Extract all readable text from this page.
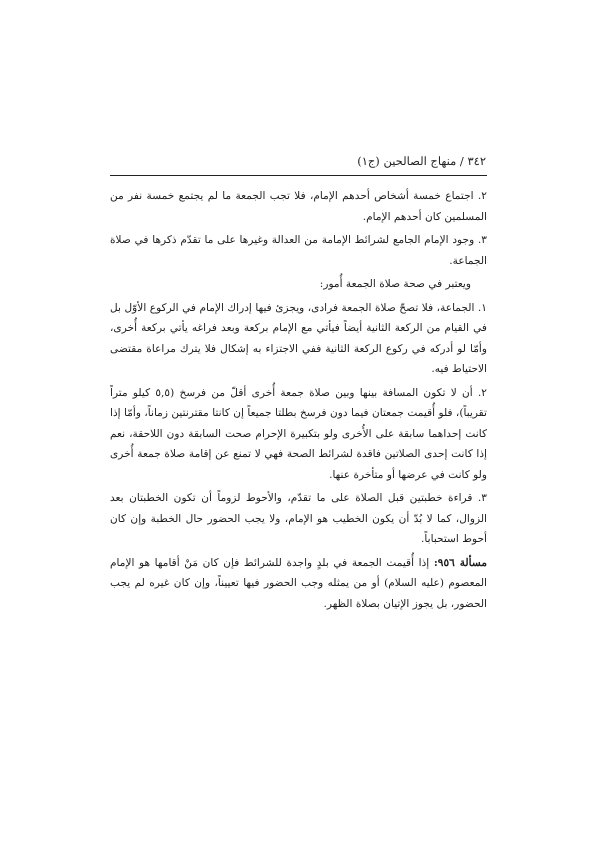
٣٤٢ / منهاج الصالحين (ج١)

٢. اجتماع خمسة أشخاص أحدهم الإمام، فلا تجب الجمعة ما لم يجتمع خمسة نفر من المسلمين كان أحدهم الإمام.

٣. وجود الإمام الجامع لشرائط الإمامة من العدالة وغيرها على ما تقدّم ذكرها في صلاة الجماعة.

ويعتبر في صحة صلاة الجمعة أُمور:

١. الجماعة، فلا تصحّ صلاة الجمعة فرادى، ويجزئ فيها إدراك الإمام في الركوع الأوّل بل في القيام من الركعة الثانية أيضاً فيأتي مع الإمام بركعة وبعد فراغه يأتي بركعة أُخرى، وأمّا لو أدركه في ركوع الركعة الثانية ففي الاجتزاء به إشكال فلا يترك مراعاة مقتضى الاحتياط فيه.

٢. أن لا تكون المسافة بينها وبين صلاة جمعة أُخرى أقلّ من فرسخ (٥,٥ كيلو متراً تقريباً)، فلو أُقيمت جمعتان فيما دون فرسخ بطلتا جميعاً إن كانتا مقترنتين زماناً، وأمّا إذا كانت إحداهما سابقة على الأُخرى ولو بتكبيرة الإحرام صحت السابقة دون اللاحقة، نعم إذا كانت إحدى الصلاتين فاقدة لشرائط الصحة فهي لا تمنع عن إقامة صلاة جمعة أُخرى ولو كانت في عرضها أو متأخرة عنها.

٣. قراءة خطبتين قبل الصلاة على ما تقدّم، والأحوط لزوماً أن تكون الخطبتان بعد الزوال، كما لا بُدّ أن يكون الخطيب هو الإمام، ولا يجب الحضور حال الخطبة وإن كان أحوط استحباباً.

مسألة ٩٥٦: إذا أُقيمت الجمعة في بلدٍ واجدة للشرائط فإن كان مَنْ أقامها هو الإمام المعصوم (عليه السلام) أو من يمثله وجب الحضور فيها تعييناً، وإن كان غيره لم يجب الحضور، بل يجوز الإتيان بصلاة الظهر.
